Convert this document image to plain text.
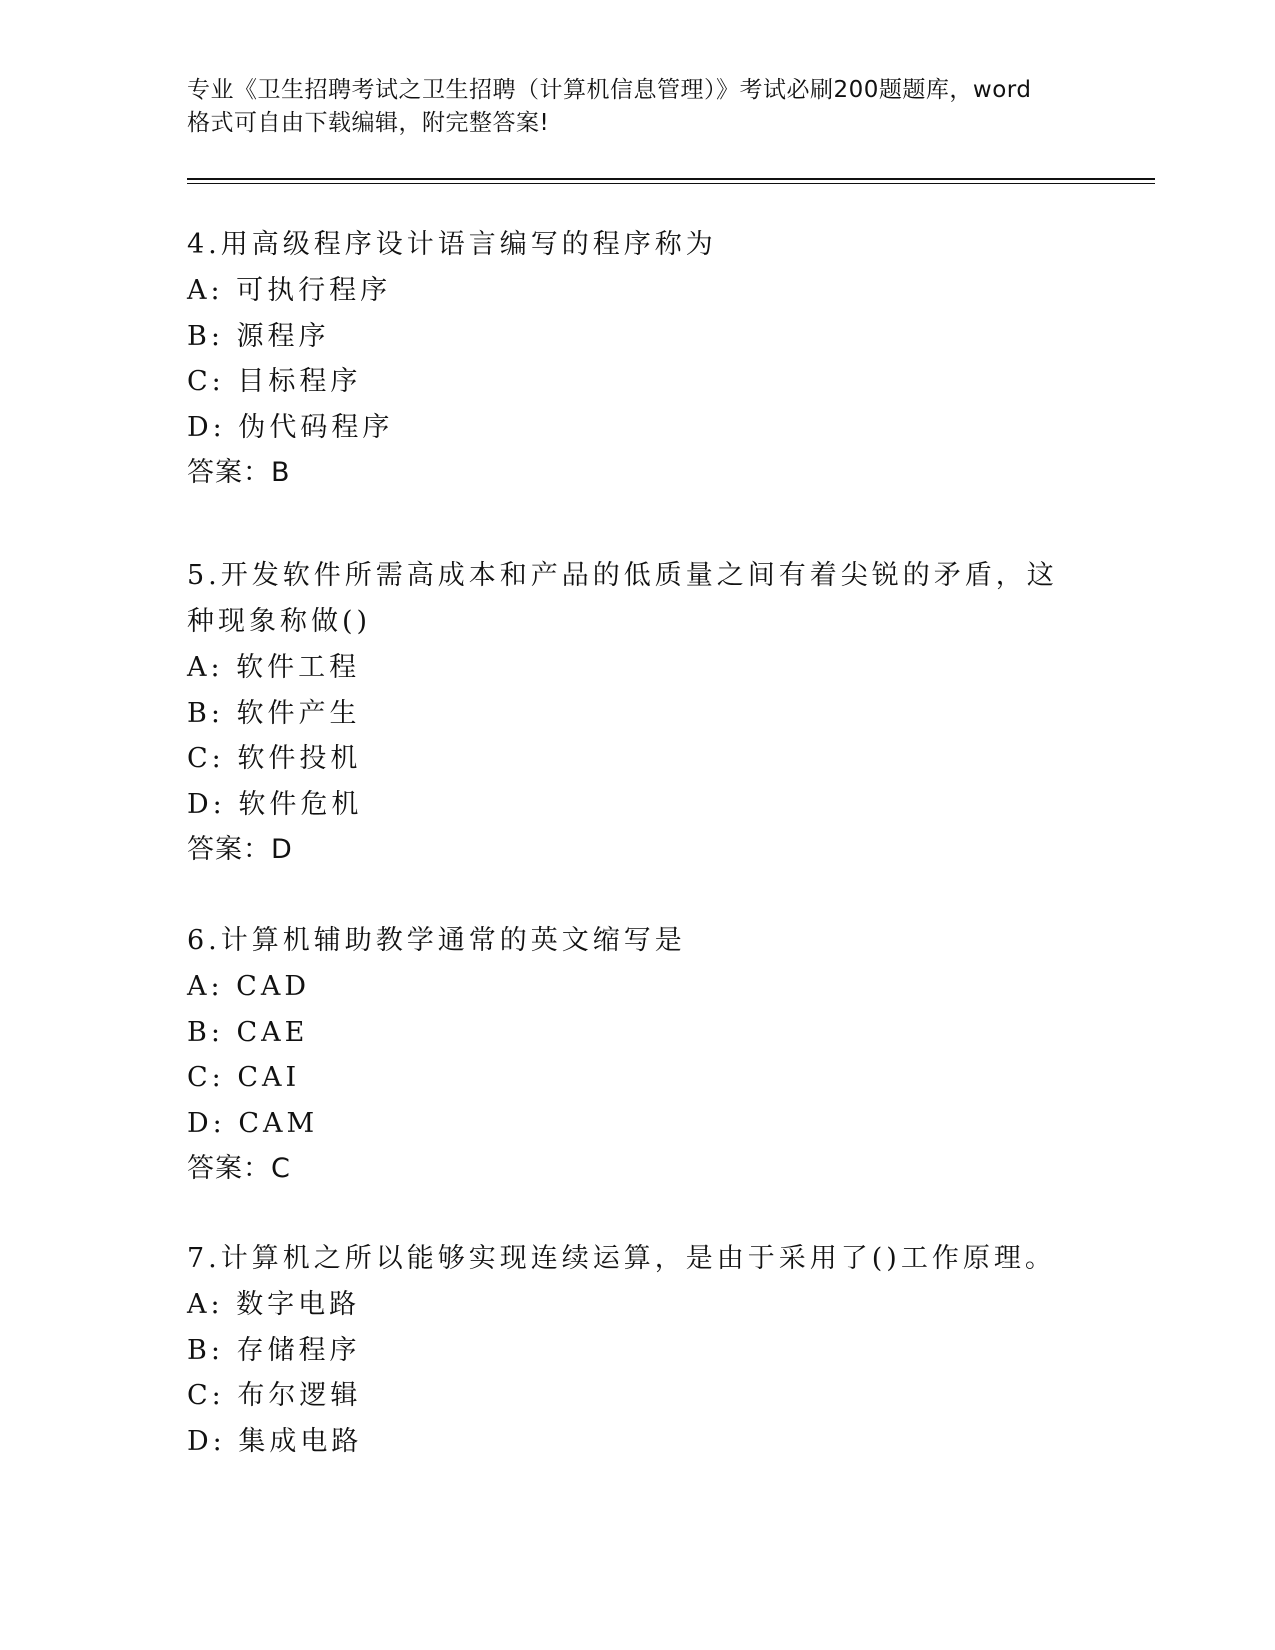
专业《卫生招聘考试之卫生招聘（计算机信息管理）》考试必刷200题题库，word
格式可自由下载编辑，附完整答案!
4.用高级程序设计语言编写的程序称为
A: 可执行程序
B: 源程序
C: 目标程序
D: 伪代码程序
答案：B
5.开发软件所需高成本和产品的低质量之间有着尖锐的矛盾，这种现象称做()
A: 软件工程
B: 软件产生
C: 软件投机
D: 软件危机
答案：D
6.计算机辅助教学通常的英文缩写是
A: CAD
B: CAE
C: CAI
D: CAM
答案：C
7.计算机之所以能够实现连续运算，是由于采用了()工作原理。
A: 数字电路
B: 存储程序
C: 布尔逻辑
D: 集成电路
